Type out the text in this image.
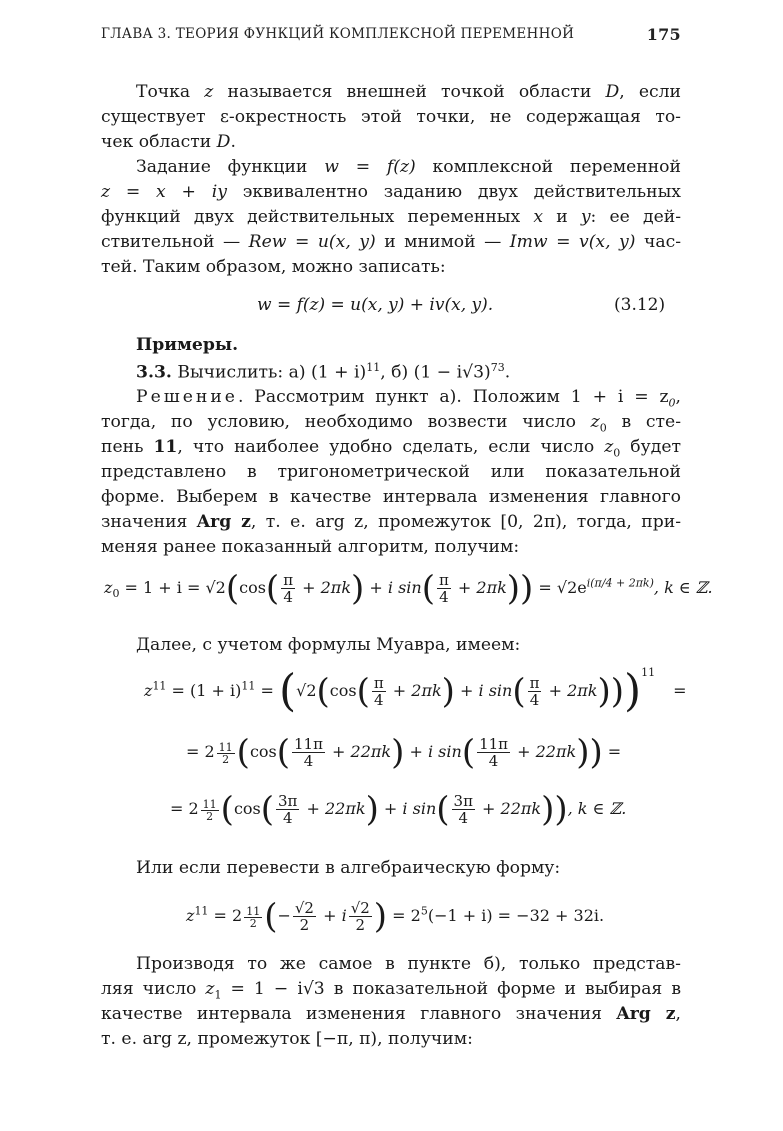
ГЛАВА 3. ТЕОРИЯ ФУНКЦИЙ КОМПЛЕКСНОЙ ПЕРЕМЕННОЙ	175
Точка z называется внешней точкой области D, если
существует ε-окрестность этой точки, не содержащая то-
чек области D.
Задание функции w = f(z) комплексной переменной
z = x + iy эквивалентно заданию двух действительных
функций двух действительных переменных x и y: ее дей-
ствительной — Rew = u(x, y) и мнимой — Imw = v(x, y) час-
тей. Таким образом, можно записать:
w = f(z) = u(x, y) + iv(x, y).	(3.12)
Примеры.
3.3. Вычислить: а) $(1 + i)^{11}$, б) $(1 - i√3)^{73}$.
Решение. Рассмотрим пункт а). Положим $1 + i = z_0$,
тогда, по условию, необходимо возвести число $z_0$ в сте-
пень 11, что наиболее удобно сделать, если число $z_0$ будет
представлено в тригонометрической или показательной
форме. Выберем в качестве интервала изменения главного
значения Arg z, т. е. arg z, промежуток [0, 2π), тогда, при-
меняя ранее показанный алгоритм, получим:
$z_0 = 1 + i = √2(\cos( \frac{\pi}{4} + 2\pi k) + i$ $\sin( \frac{\pi}{4} + 2\pi k)) = √2e^{i(\pi/4 + 2\pi k)}$, k ∈ ℤ.
Далее, с учетом формулы Муавра, имеем:
$z^{11} = (1 + i)^{11} = (√2(\cos( \frac{\pi}{4} + 2\pi k) + i$ $\sin( \frac{\pi}{4} + 2\pi k)))^{11}=$
= $2 \frac{11}{2} (\cos( \frac{11\pi}{4} + 22\pi k) + i$ $\sin( \frac{11\pi}{4} + 22\pi k)$) =
= $2 \frac{11}{2} (\cos( \frac{3\pi}{4} + 22\pi k) + i$ $\sin( \frac{3\pi}{4} + 22\pi k)$), k ∈ ℤ.
Или если перевести в алгебраическую форму:
$z^{11} = 2 \frac{11}{2}$ (− $\frac{√2}{2} + i \frac{√2}{2}$ ) = $2^5(-1 + i) = -32 + 32i$.
Производя то же самое в пункте б), только представ-
ляя число $z_1 = 1 - i√3$ в показательной форме и выбирая в
качестве интервала изменения главного значения Arg z,
т. е. arg z, промежуток [−π, π), получим:
